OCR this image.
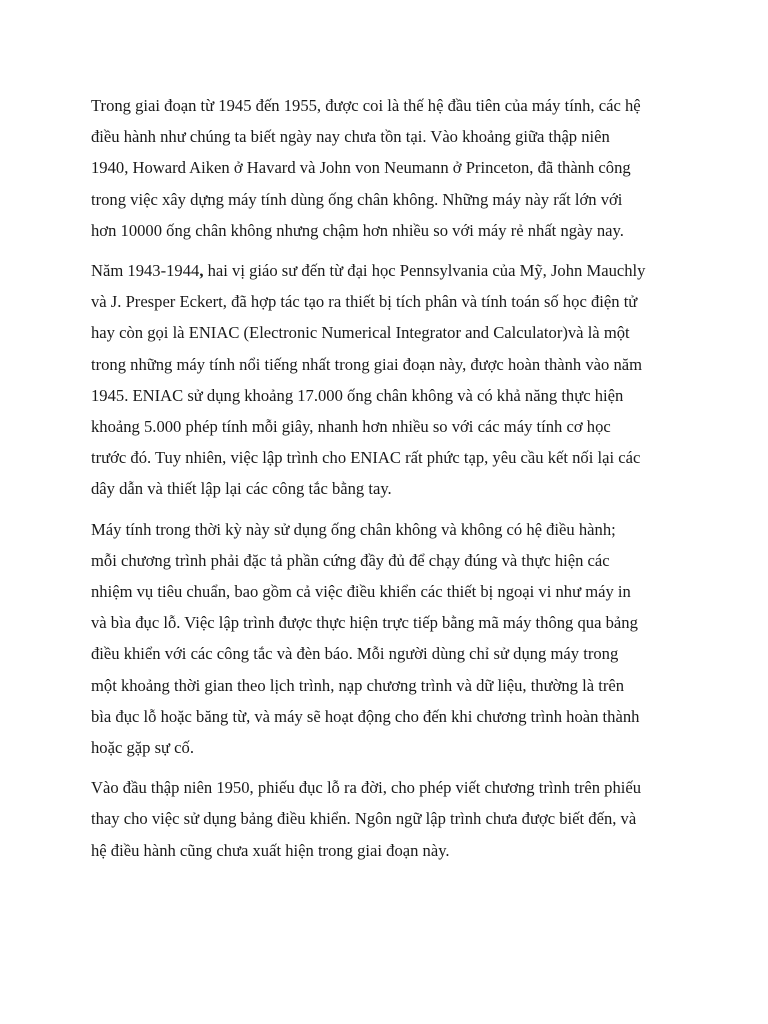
Trong giai đoạn từ 1945 đến 1955, được coi là thế hệ đầu tiên của máy tính, các hệ
điều hành như chúng ta biết ngày nay chưa tồn tại. Vào khoảng giữa thập niên
1940, Howard Aiken ở Havard và John von Neumann ở Princeton, đã thành công
trong việc xây dựng máy tính dùng ống chân không. Những máy này rất lớn với
hơn 10000 ống chân không nhưng chậm hơn nhiều so với máy rẻ nhất ngày nay.

Năm 1943-1944, hai vị giáo sư đến từ đại học Pennsylvania của Mỹ, John Mauchly
và J. Presper Eckert, đã hợp tác tạo ra thiết bị tích phân và tính toán số học điện tử
hay còn gọi là ENIAC (Electronic Numerical Integrator and Calculator)và là một
trong những máy tính nổi tiếng nhất trong giai đoạn này, được hoàn thành vào năm
1945. ENIAC sử dụng khoảng 17.000 ống chân không và có khả năng thực hiện
khoảng 5.000 phép tính mỗi giây, nhanh hơn nhiều so với các máy tính cơ học
trước đó. Tuy nhiên, việc lập trình cho ENIAC rất phức tạp, yêu cầu kết nối lại các
dây dẫn và thiết lập lại các công tắc bằng tay.

Máy tính trong thời kỳ này sử dụng ống chân không và không có hệ điều hành;
mỗi chương trình phải đặc tả phần cứng đầy đủ để chạy đúng và thực hiện các
nhiệm vụ tiêu chuẩn, bao gồm cả việc điều khiển các thiết bị ngoại vi như máy in
và bìa đục lỗ. Việc lập trình được thực hiện trực tiếp bằng mã máy thông qua bảng
điều khiển với các công tắc và đèn báo. Mỗi người dùng chỉ sử dụng máy trong
một khoảng thời gian theo lịch trình, nạp chương trình và dữ liệu, thường là trên
bìa đục lỗ hoặc băng từ, và máy sẽ hoạt động cho đến khi chương trình hoàn thành
hoặc gặp sự cố.

Vào đầu thập niên 1950, phiếu đục lỗ ra đời, cho phép viết chương trình trên phiếu
thay cho việc sử dụng bảng điều khiển. Ngôn ngữ lập trình chưa được biết đến, và
hệ điều hành cũng chưa xuất hiện trong giai đoạn này.
